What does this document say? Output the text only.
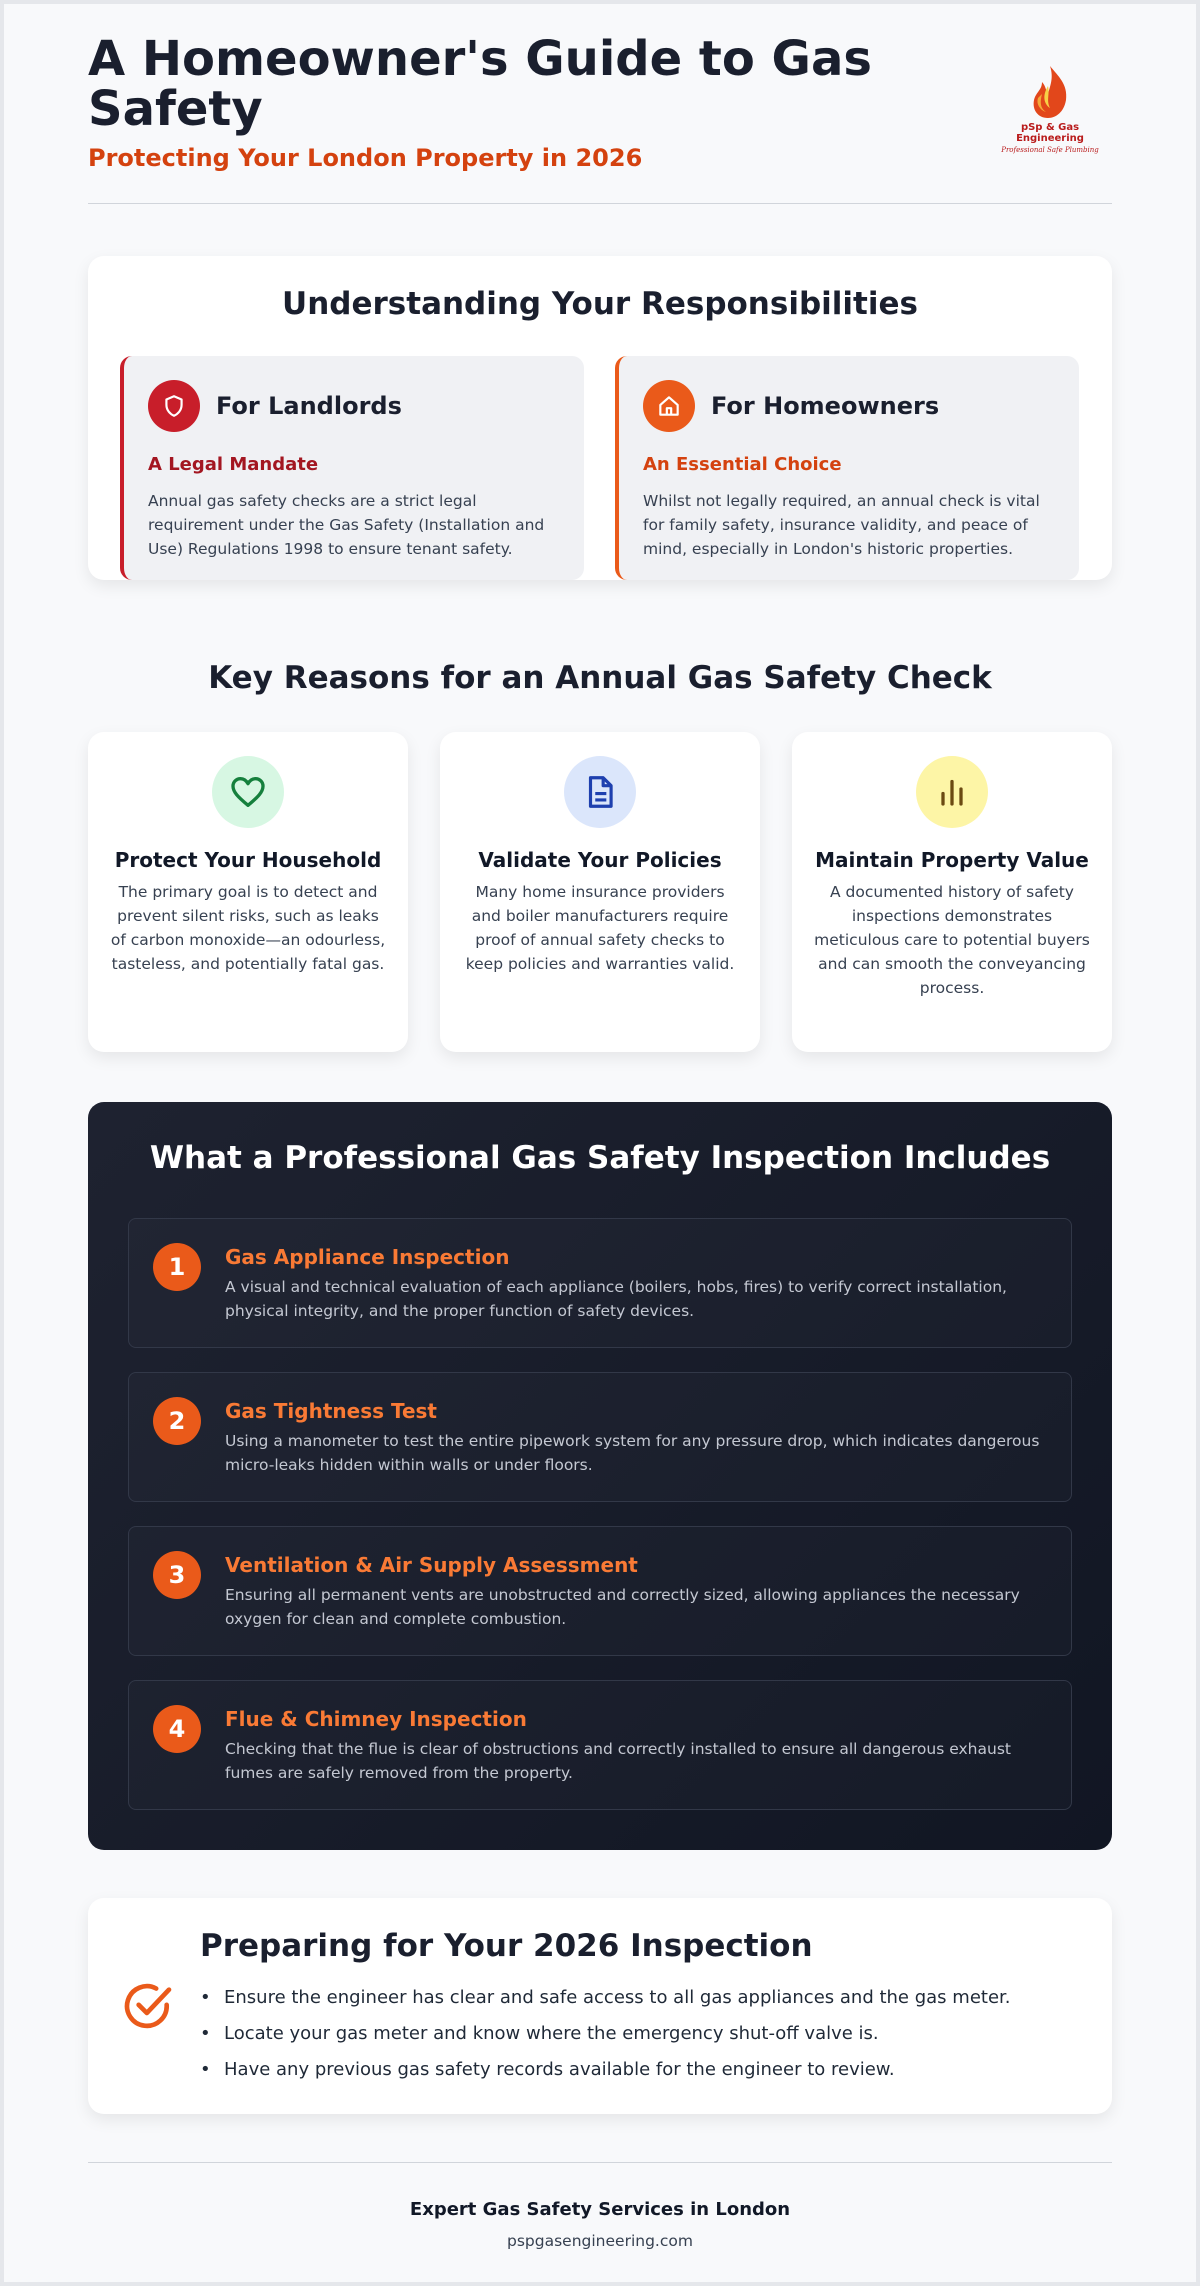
A Homeowner's Guide to Gas Safety
Protecting Your London Property in 2026
pSp & Gas Engineering
Professional Safe Plumbing
Understanding Your Responsibilities
For Landlords
A Legal Mandate
Annual gas safety checks are a strict legal requirement under the Gas Safety (Installation and Use) Regulations 1998 to ensure tenant safety.
For Homeowners
An Essential Choice
Whilst not legally required, an annual check is vital for family safety, insurance validity, and peace of mind, especially in London's historic properties.
Key Reasons for an Annual Gas Safety Check
Protect Your Household

The primary goal is to detect and prevent silent risks, such as leaks of carbon monoxide—an odourless, tasteless, and potentially fatal gas.

Validate Your Policies

Many home insurance providers and boiler manufacturers require proof of annual safety checks to keep policies and warranties valid.

Maintain Property Value

A documented history of safety inspections demonstrates meticulous care to potential buyers and can smooth the conveyancing process.

What a Professional Gas Safety Inspection Includes
1	Gas Appliance Inspection
A visual and technical evaluation of each appliance (boilers, hobs, fires) to verify correct installation, physical integrity, and the proper function of safety devices.
2	Gas Tightness Test
Using a manometer to test the entire pipework system for any pressure drop, which indicates dangerous micro-leaks hidden within walls or under floors.
3	Ventilation & Air Supply Assessment
Ensuring all permanent vents are unobstructed and correctly sized, allowing appliances the necessary oxygen for clean and complete combustion.
4	Flue & Chimney Inspection
Checking that the flue is clear of obstructions and correctly installed to ensure all dangerous exhaust fumes are safely removed from the property.
Preparing for Your 2026 Inspection
• Ensure the engineer has clear and safe access to all gas appliances and the gas meter.
• Locate your gas meter and know where the emergency shut-off valve is.
• Have any previous gas safety records available for the engineer to review.
Expert Gas Safety Services in London
pspgasengineering.com
